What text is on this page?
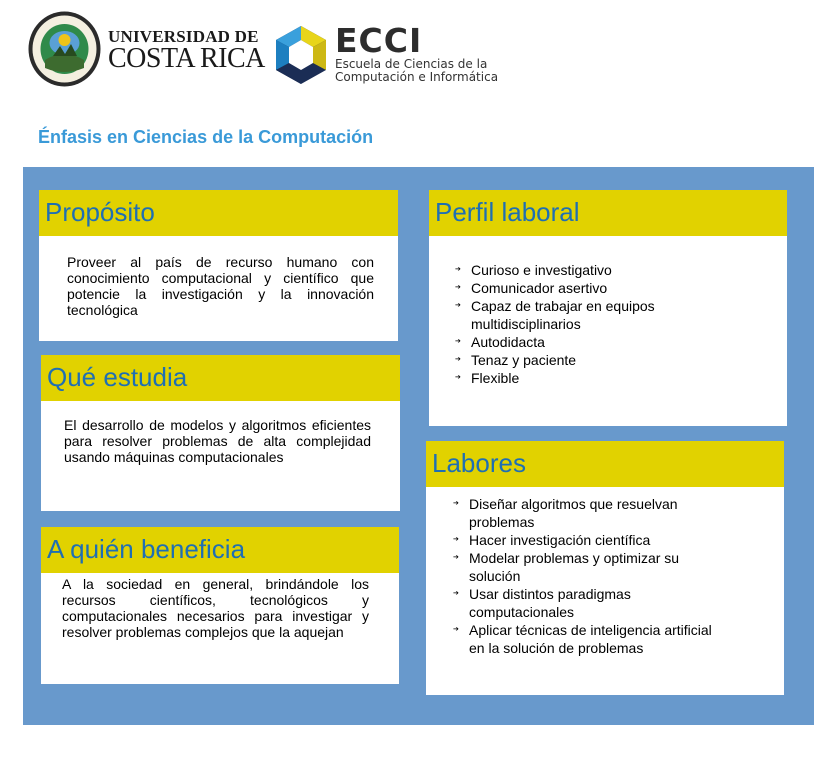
UNIVERSIDAD DE
COSTA RICA ECCI
Escuela de Ciencias de la
Computación e Informática
Énfasis en Ciencias de la Computación
Propósito
Proveer al país de recurso humano con conocimiento computacional y científico que potencie la investigación y la innovación tecnológica
Qué estudia
El desarrollo de modelos y algoritmos eficientes para resolver problemas de alta complejidad usando máquinas computacionales
A quién beneficia
A la sociedad en general, brindándole los recursos científicos, tecnológicos y computacionales necesarios para investigar y resolver problemas complejos que la aquejan
Perfil laboral
➔ Curioso e investigativo
➔ Comunicador asertivo
➔ Capaz de trabajar en equipos multidisciplinarios
➔ Autodidacta
➔ Tenaz y paciente
➔ Flexible
Labores
➔ Diseñar algoritmos que resuelvan problemas
➔ Hacer investigación científica
➔ Modelar problemas y optimizar su solución
➔ Usar distintos paradigmas computacionales
➔ Aplicar técnicas de inteligencia artificial en la solución de problemas
